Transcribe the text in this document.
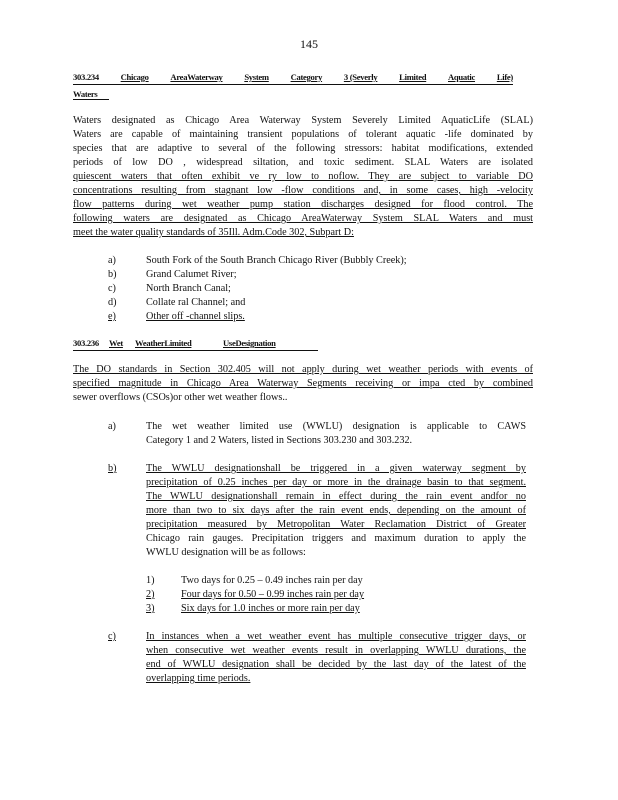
145
303.234	Chicago	AreaWaterway	System	Category	3 (Severly	Limited	Aquatic	Life)
Waters
Waters designated as Chicago Area Waterway System Severely Limited AquaticLife (SLAL)
Waters are capable of maintaining transient populations of tolerant aquatic -life dominated by
species that are adaptive to several of the following stressors: habitat modifications, extended
periods of low DO , widespread siltation, and toxic sediment. SLAL Waters are isolated
quiescent waters that often exhibit ve ry low to noflow. They are subject to variable DO
concentrations resulting from stagnant low -flow conditions and, in some cases, high -velocity
flow patterns during wet weather pump station discharges designed for flood control. The
following waters are designated as Chicago AreaWaterway System SLAL Waters and must
meet the water quality standards of 35Ill. Adm.Code 302, Subpart D:
a)	South Fork of the South Branch Chicago River (Bubbly Creek);
b)	Grand Calumet River;
c)	North Branch Canal;
d)	Collate ral Channel; and
e)	Other off -channel slips.
303.236	Wet	WeatherLimited	UseDesignation
The DO standards in Section 302.405 will not apply during wet weather periods with events of
specified magnitude in Chicago Area Waterway Segments receiving or impa cted by combined
sewer overflows (CSOs)or other wet weather flows..
a)	The wet weather limited use (WWLU) designation is applicable to CAWS
Category 1 and 2 Waters, listed in Sections 303.230 and 303.232.
b)	The WWLU designationshall be triggered in a given waterway segment by
precipitation of 0.25 inches per day or more in the drainage basin to that segment.
The WWLU designationshall remain in effect during the rain event andfor no
more than two to six days after the rain event ends, depending on the amount of
precipitation measured by Metropolitan Water Reclamation District of Greater
Chicago rain gauges. Precipitation triggers and maximum duration to apply the
WWLU designation will be as follows:
1)	Two days for 0.25 – 0.49 inches rain per day
2)	Four days for 0.50 – 0.99 inches rain per day
3)	Six days for 1.0 inches or more rain per day
c)	In instances when a wet weather event has multiple consecutive trigger days, or
when consecutive wet weather events result in overlapping WWLU durations, the
end of WWLU designation shall be decided by the last day of the latest of the
overlapping time periods.
